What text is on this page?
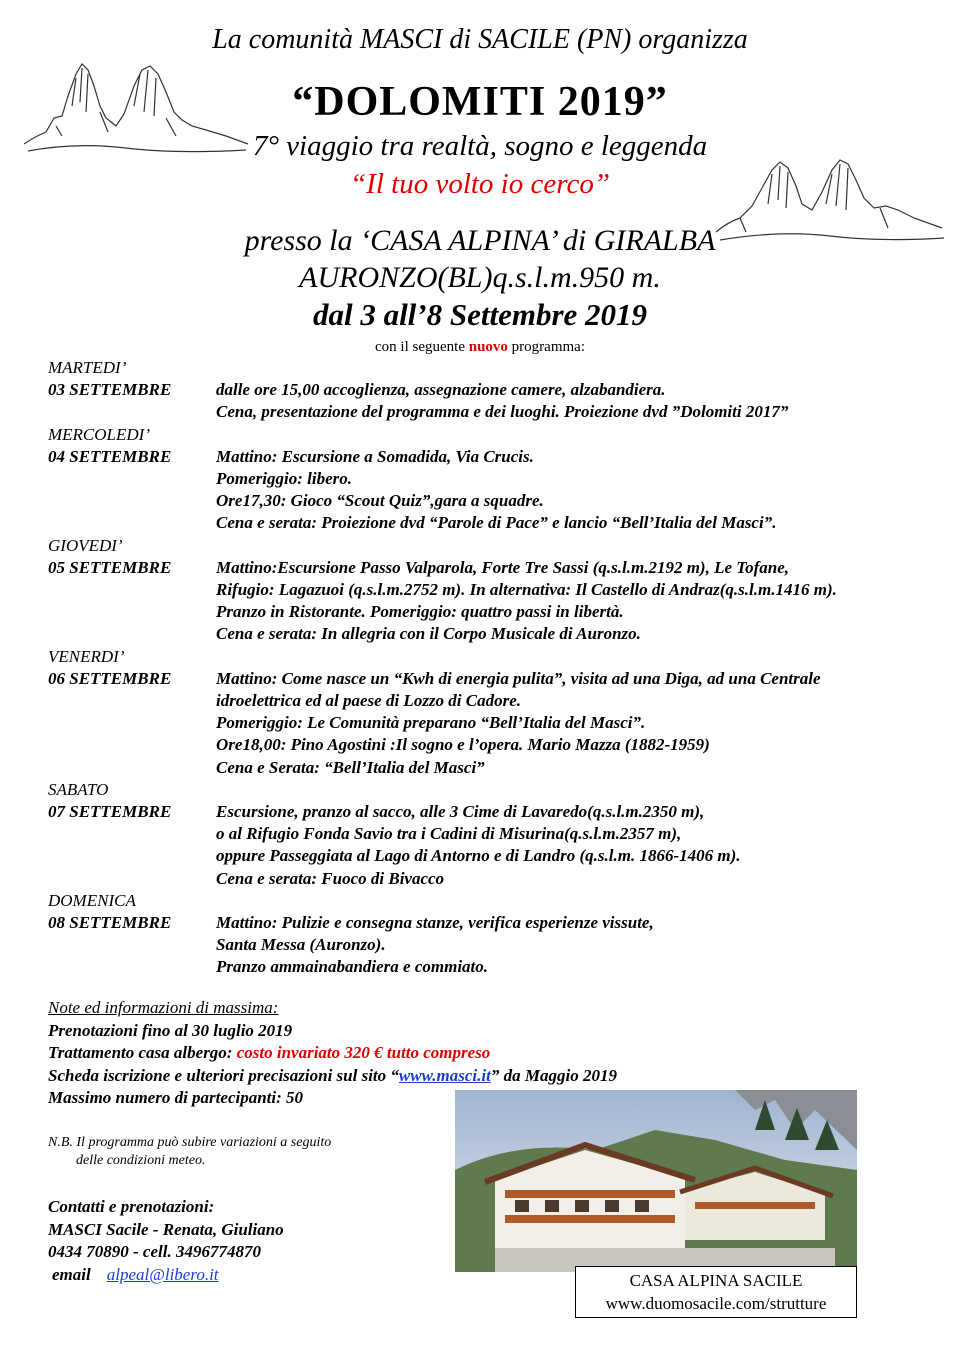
La comunità MASCI di SACILE (PN) organizza
“DOLOMITI 2019”
7° viaggio tra realtà, sogno e leggenda
“Il tuo volto io cerco”
presso la ‘CASA ALPINA’ di GIRALBA
AURONZO(BL)q.s.l.m.950 m.
dal 3 all’8 Settembre 2019
con il seguente nuovo programma:
MARTEDI’
03 SETTEMBRE	dalle ore 15,00 accoglienza, assegnazione camere, alzabandiera.
Cena, presentazione del programma e dei luoghi. Proiezione dvd ”Dolomiti 2017”
MERCOLEDI’
04 SETTEMBRE	Mattino: Escursione a Somadida, Via Crucis.
Pomeriggio: libero.
Ore17,30: Gioco “Scout Quiz”,gara a squadre.
Cena e serata: Proiezione dvd “Parole di Pace” e lancio “Bell’Italia del Masci”.
GIOVEDI’
05 SETTEMBRE	Mattino:Escursione Passo Valparola, Forte Tre Sassi (q.s.l.m.2192 m), Le Tofane,
Rifugio: Lagazuoi (q.s.l.m.2752 m). In alternativa: Il Castello di Andraz(q.s.l.m.1416 m).
Pranzo in Ristorante. Pomeriggio: quattro passi in libertà.
Cena e serata: In allegria con il Corpo Musicale di Auronzo.
VENERDI’
06 SETTEMBRE	Mattino: Come nasce un “Kwh di energia pulita”, visita ad una Diga, ad una Centrale
idroelettrica ed al paese di Lozzo di Cadore.
Pomeriggio: Le Comunità preparano “Bell’Italia del Masci”.
Ore18,00: Pino Agostini :Il sogno e l’opera. Mario Mazza (1882-1959)
Cena e Serata: “Bell’Italia del Masci”
SABATO
07 SETTEMBRE	Escursione, pranzo al sacco, alle 3 Cime di Lavaredo(q.s.l.m.2350 m),
o al Rifugio Fonda Savio tra i Cadini di Misurina(q.s.l.m.2357 m),
oppure Passeggiata al Lago di Antorno e di Landro (q.s.l.m. 1866-1406 m).
Cena e serata: Fuoco di Bivacco
DOMENICA
08 SETTEMBRE	Mattino: Pulizie e consegna stanze, verifica esperienze vissute,
Santa Messa (Auronzo).
Pranzo ammainabandiera e commiato.
Note ed informazioni di massima:
Prenotazioni fino al 30 luglio 2019
Trattamento casa albergo: costo invariato 320 € tutto compreso
Scheda iscrizione e ulteriori precisazioni sul sito “www.masci.it” da Maggio 2019
Massimo numero di partecipanti: 50
N.B. Il programma può subire variazioni a seguito
delle condizioni meteo.
Contatti e prenotazioni:
MASCI Sacile - Renata, Giuliano
0434 70890 - cell. 3496774870
email alpeal@libero.it	CASA ALPINA SACILE
www.duomosacile.com/strutture
